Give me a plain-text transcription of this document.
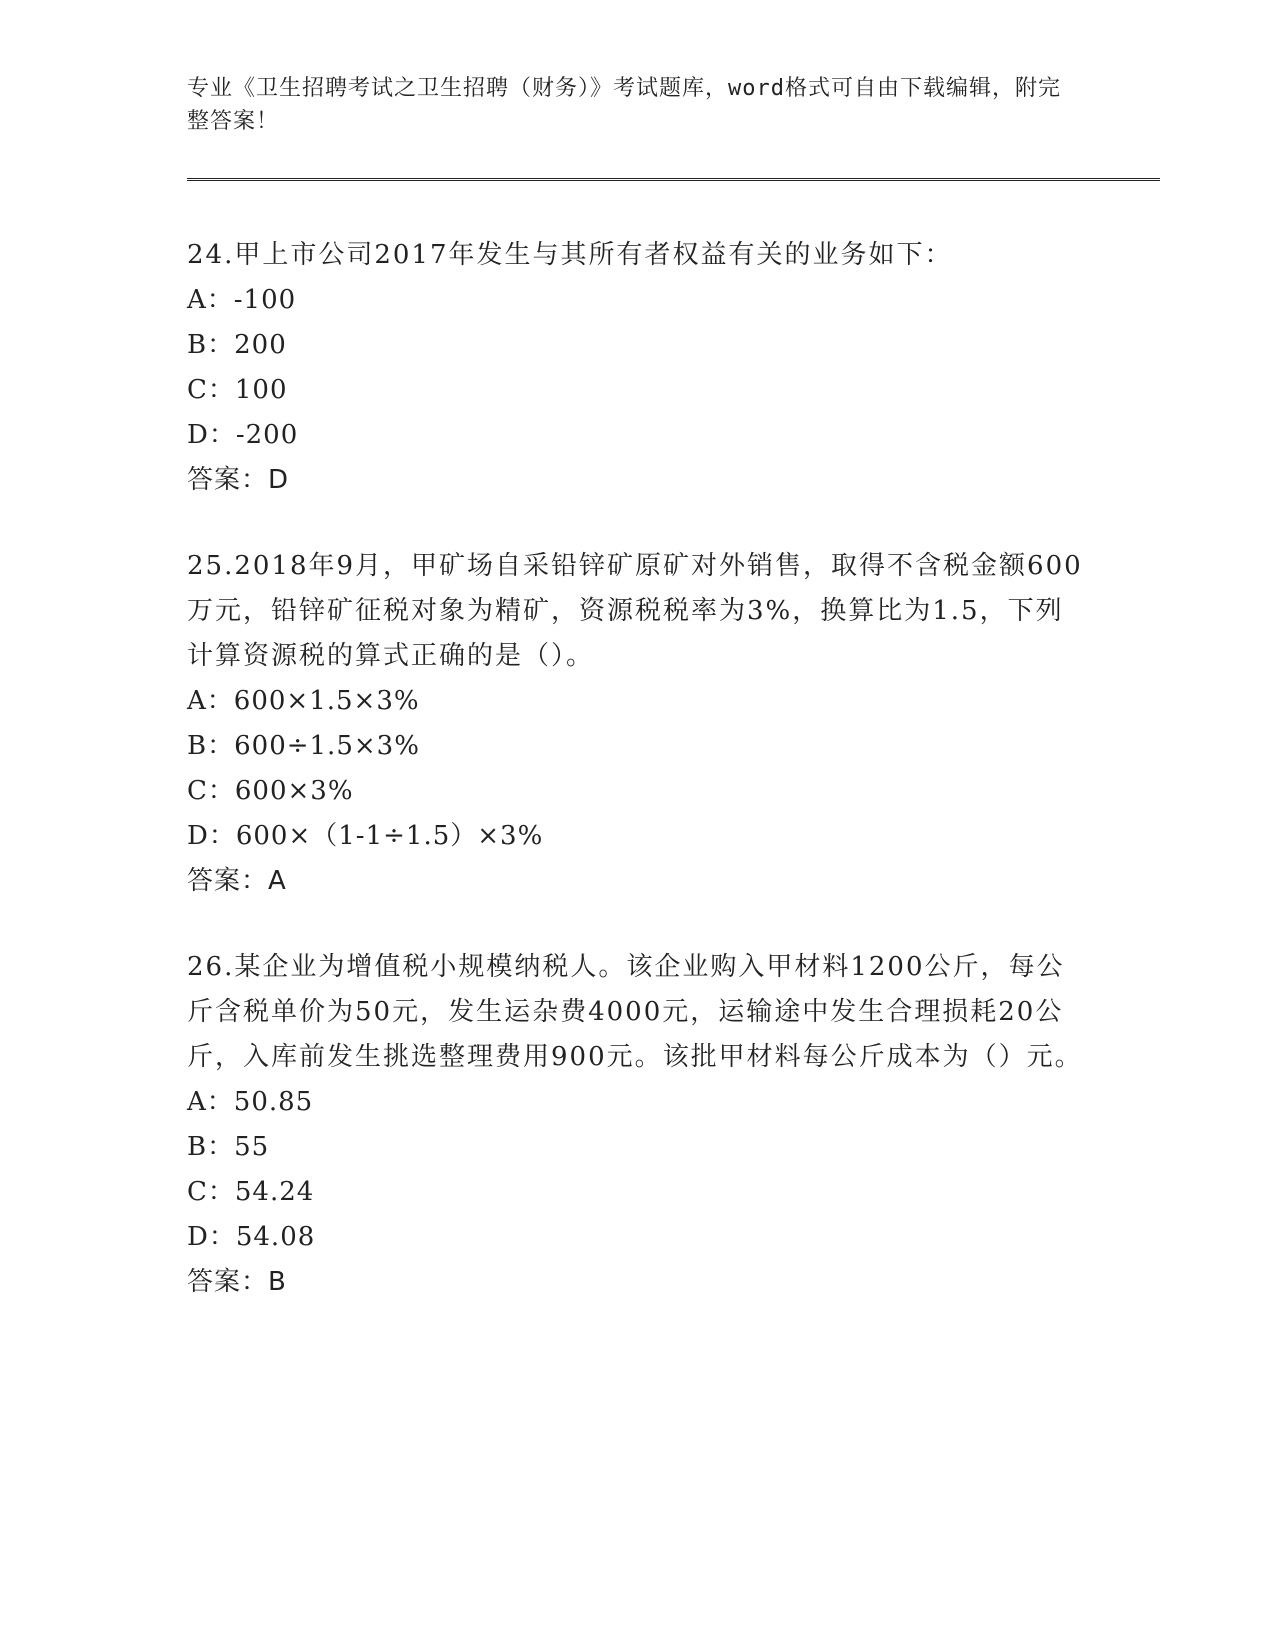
专业《卫生招聘考试之卫生招聘（财务）》考试题库，word格式可自由下载编辑，附完整答案！

24.甲上市公司2017年发生与其所有者权益有关的业务如下：

A：-100

B：200

C：100

D：-200

答案：D

25.2018年9月，甲矿场自采铅锌矿原矿对外销售，取得不含税金额600万元，铅锌矿征税对象为精矿，资源税税率为3%，换算比为1.5，下列计算资源税的算式正确的是（）。

A：600×1.5×3%

B：600÷1.5×3%

C：600×3%

D：600×（1-1÷1.5）×3%

答案：A

26.某企业为增值税小规模纳税人。该企业购入甲材料1200公斤，每公斤含税单价为50元，发生运杂费4000元，运输途中发生合理损耗20公斤，入库前发生挑选整理费用900元。该批甲材料每公斤成本为（）元。

A：50.85

B：55

C：54.24

D：54.08

答案：B
